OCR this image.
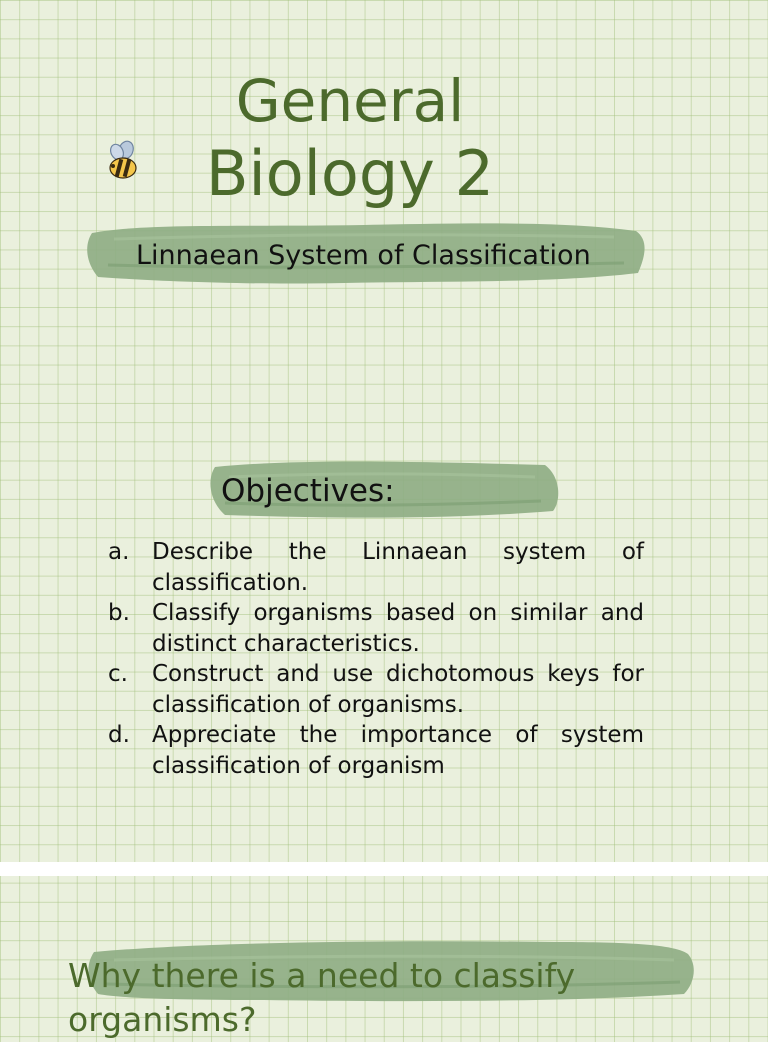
General
Biology 2
Linnaean System of Classification
Objectives:
a. Describe the Linnaean system of classification.
b. Classify organisms based on similar and distinct characteristics.
c. Construct and use dichotomous keys for classification of organisms.
d. Appreciate the importance of system classification of organism
Why there is a need to classify organisms?
